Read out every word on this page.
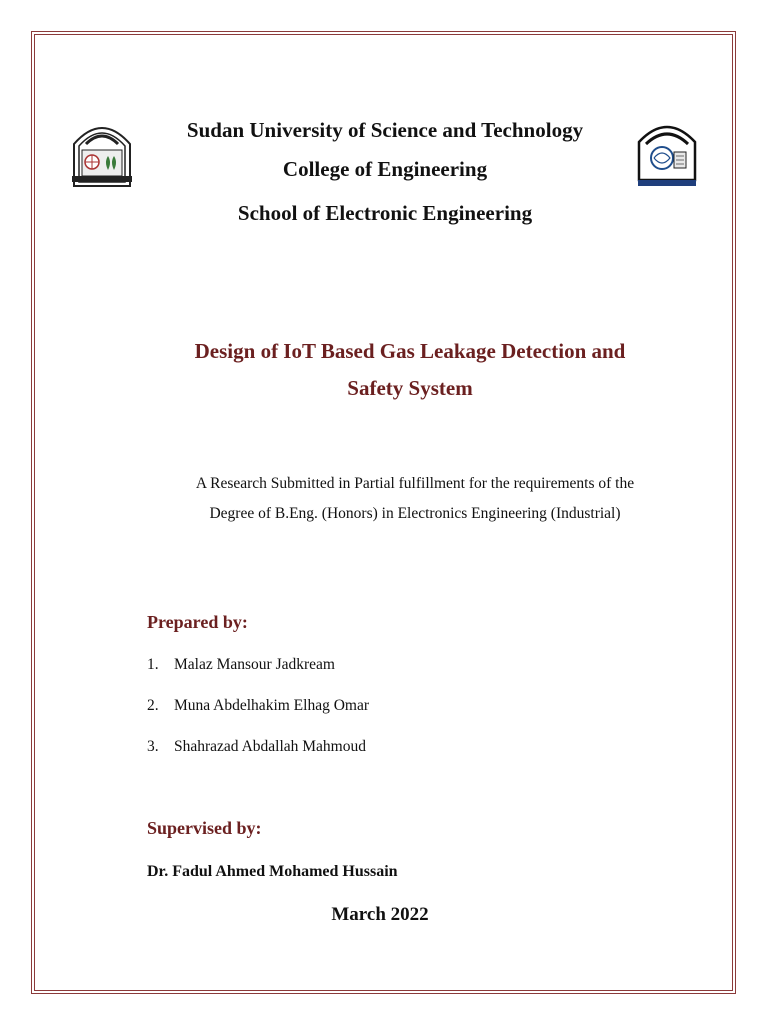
Sudan University of Science and Technology
College of Engineering
School of Electronic Engineering
Design of IoT Based Gas Leakage Detection and
Safety System
A Research Submitted in Partial fulfillment for the requirements of the
Degree of B.Eng. (Honors) in Electronics Engineering (Industrial)
Prepared by:
1. Malaz Mansour Jadkream
2. Muna Abdelhakim Elhag Omar
3. Shahrazad Abdallah Mahmoud
Supervised by:
Dr. Fadul Ahmed Mohamed Hussain
March 2022
